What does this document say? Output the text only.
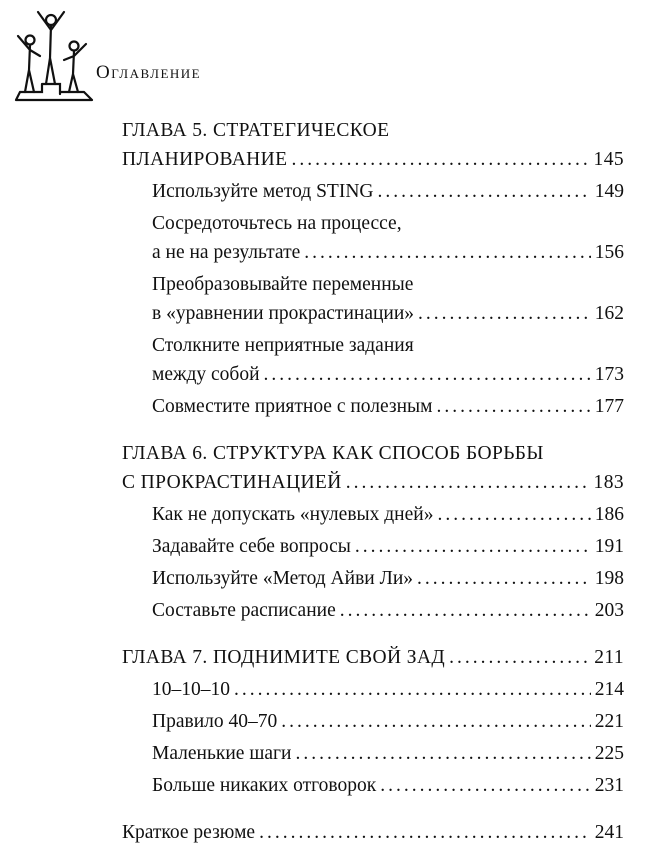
Оглавление
ГЛАВА 5. СТРАТЕГИЧЕСКОЕ
ПЛАНИРОВАНИЕ .....	145
Используйте метод STING .....	149
Сосредоточьтесь на процессе,
а не на результате .....	156
Преобразовывайте переменные
в «уравнении прокрастинации» .....	162
Столкните неприятные задания
между собой .....	173
Совместите приятное с полезным .....	177
ГЛАВА 6. СТРУКТУРА КАК СПОСОБ БОРЬБЫ
С ПРОКРАСТИНАЦИЕЙ .....	183
Как не допускать «нулевых дней» .....	186
Задавайте себе вопросы .....	191
Используйте «Метод Айви Ли» .....	198
Составьте расписание .....	203
ГЛАВА 7. ПОДНИМИТЕ СВОЙ ЗАД .....	211
10–10–10 .....	214
Правило 40–70 .....	221
Маленькие шаги .....	225
Больше никаких отговорок .....	231
Краткое резюме .....	241
